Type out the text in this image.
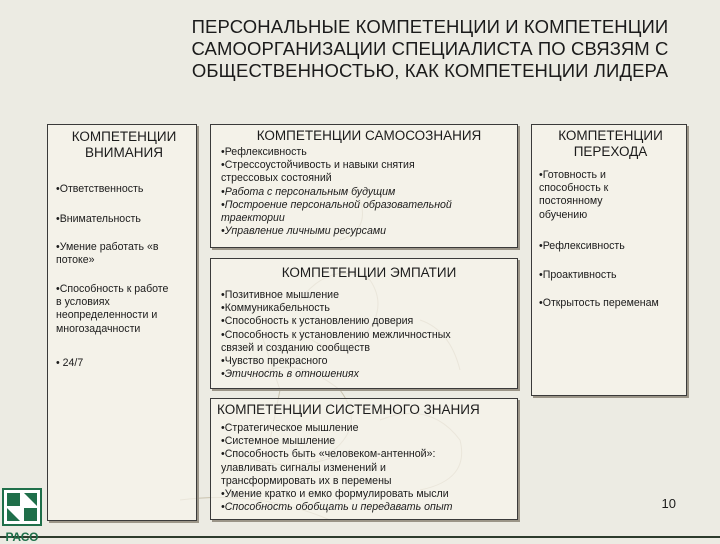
ПЕРСОНАЛЬНЫЕ КОМПЕТЕНЦИИ И КОМПЕТЕНЦИИ САМООРГАНИЗАЦИИ СПЕЦИАЛИСТА ПО СВЯЗЯМ С ОБЩЕСТВЕННОСТЬЮ, КАК КОМПЕТЕНЦИИ ЛИДЕРА
КОМПЕТЕНЦИИ ВНИМАНИЯ
•Ответственность
•Внимательность
•Умение работать «в
потоке»
•Способность к работе
в условиях
неопределенности и
многозадачности
• 24/7
КОМПЕТЕНЦИИ САМОСОЗНАНИЯ
•Рефлексивность
•Стрессоустойчивость и навыки снятия
стрессовых состояний
•Работа с персональным будущим
•Построение персональной образовательной
траектории
•Управление личными ресурсами
КОМПЕТЕНЦИИ ПЕРЕХОДА
•Готовность и
способность к
постоянному
обучению
•Рефлексивность
•Проактивность
•Открытость переменам
КОМПЕТЕНЦИИ ЭМПАТИИ
•Позитивное мышление
•Коммуникабельность
•Способность к установлению доверия
•Способность к установлению межличностных
связей и созданию сообществ
•Чувство прекрасного
•Этичность в отношениях
КОМПЕТЕНЦИИ СИСТЕМНОГО ЗНАНИЯ
•Стратегическое мышление
•Системное мышление
•Способность быть «человеком-антенной»:
улавливать сигналы изменений и
трансформировать их в перемены
•Умение кратко и емко формулировать мысли
•Способность обобщать и передавать опыт
РАСО
10
